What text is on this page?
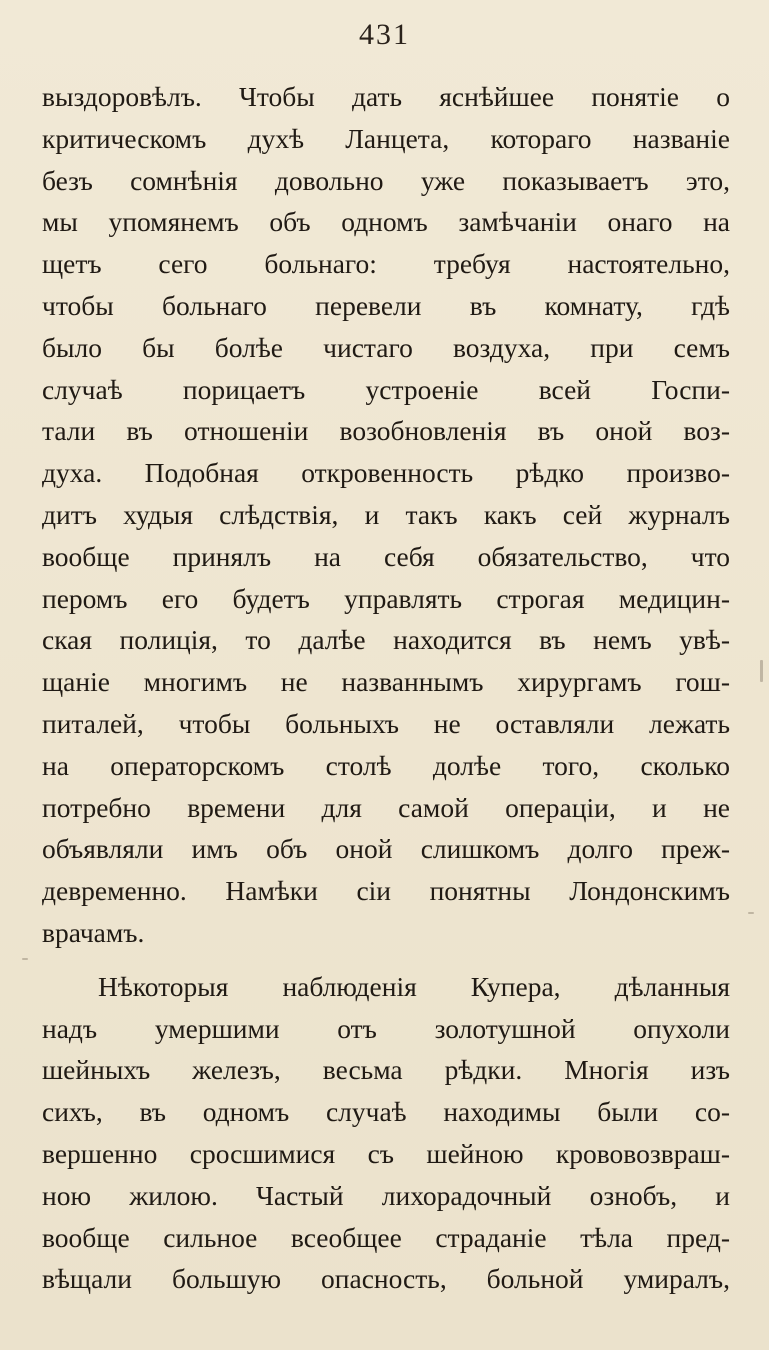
431
выздоровѣлъ. Чтобы дать яснѣйшее понятіе о
критическомъ духѣ Ланцета, котораго названіе
безъ сомнѣнія довольно уже показываетъ это,
мы упомянемъ объ одномъ замѣчаніи онаго на
щетъ сего больнаго: требуя настоятельно,
чтобы больнаго перевели въ комнату, гдѣ
было бы болѣе чистаго воздуха, при семъ
случаѣ порицаетъ устроеніе всей Госпи-
тали въ отношеніи возобновленія въ оной воз-
духа. Подобная откровенность рѣдко произво-
дитъ худыя слѣдствія, и такъ какъ сей журналъ
вообще принялъ на себя обязательство, что
перомъ его будетъ управлять строгая медицин-
ская полиція, то далѣе находится въ немъ увѣ-
щаніе многимъ не названнымъ хирургамъ гош-
питалей, чтобы больныхъ не оставляли лежать
на операторскомъ столѣ долѣе того, сколько
потребно времени для самой операціи, и не
объявляли имъ объ оной слишкомъ долго преж-
девременно. Намѣки сіи понятны Лондонскимъ
врачамъ.
Нѣкоторыя наблюденія Купера, дѣланныя
надъ умершими отъ золотушной опухоли
шейныхъ железъ, весьма рѣдки. Многія изъ
сихъ, въ одномъ случаѣ находимы были со-
вершенно сросшимися съ шейною крововозвраш-
ною жилою. Частый лихорадочный ознобъ, и
вообще сильное всеобщее страданіе тѣла пред-
вѣщали большую опасность, больной умиралъ,
